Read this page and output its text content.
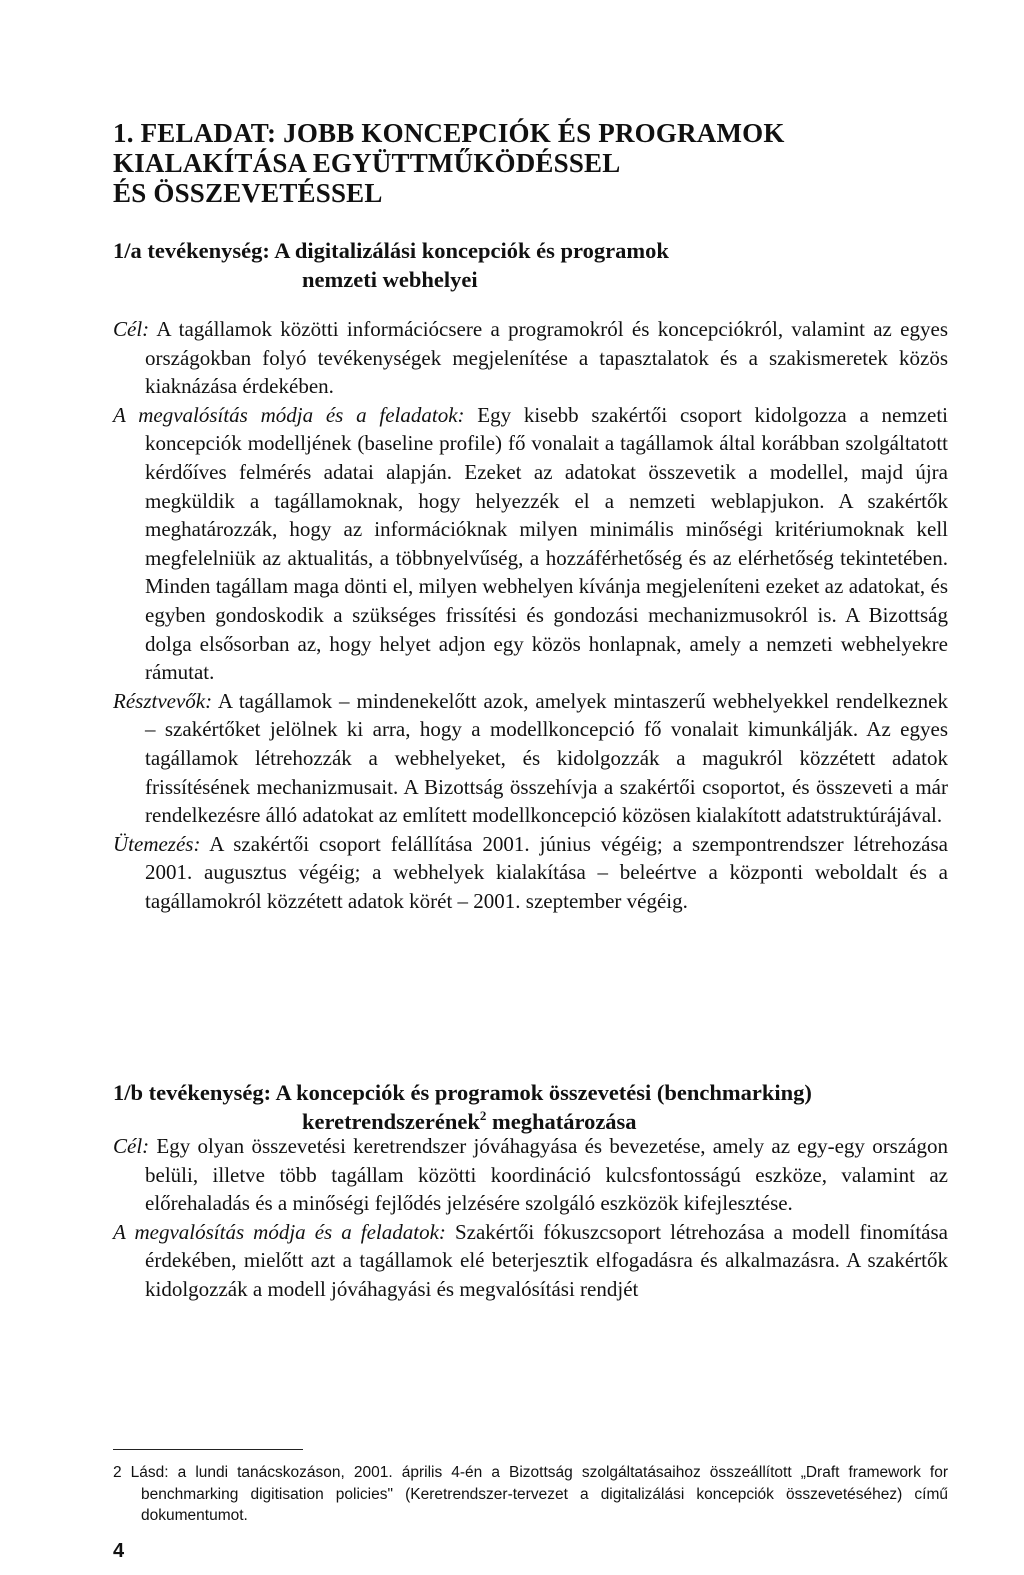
1. FELADAT: JOBB KONCEPCIÓK ÉS PROGRAMOK
KIALAKÍTÁSA EGYÜTTMŰKÖDÉSSEL
ÉS ÖSSZEVETÉSSEL
1/a tevékenység: A digitalizálási koncepciók és programok
nemzeti webhelyei

Cél: A tagállamok közötti információcsere a programokról és koncepciókról, valamint az egyes országokban folyó tevékenységek megjelenítése a tapasztalatok és a szakismeretek közös kiaknázása érdekében.

A megvalósítás módja és a feladatok: Egy kisebb szakértői csoport kidolgozza a nemzeti koncepciók modelljének (baseline profile) fő vonalait a tagállamok által korábban szolgáltatott kérdőíves felmérés adatai alapján. Ezeket az adatokat összevetik a modellel, majd újra megküldik a tagállamoknak, hogy helyezzék el a nemzeti weblapjukon. A szakértők meghatározzák, hogy az információknak milyen minimális minőségi kritériumoknak kell megfelelniük az aktualitás, a többnyelvűség, a hozzáférhetőség és az elérhetőség tekintetében. Minden tagállam maga dönti el, milyen webhelyen kívánja megjeleníteni ezeket az adatokat, és egyben gondoskodik a szükséges frissítési és gondozási mechanizmusokról is. A Bizottság dolga elsősorban az, hogy helyet adjon egy közös honlapnak, amely a nemzeti webhelyekre rámutat.

Résztvevők: A tagállamok – mindenekelőtt azok, amelyek mintaszerű webhelyekkel rendelkeznek – szakértőket jelölnek ki arra, hogy a modellkoncepció fő vonalait kimunkálják. Az egyes tagállamok létrehozzák a webhelyeket, és kidolgozzák a magukról közzétett adatok frissítésének mechanizmusait. A Bizottság összehívja a szakértői csoportot, és összeveti a már rendelkezésre álló adatokat az említett modellkoncepció közösen kialakított adatstruktúrájával.

Ütemezés: A szakértői csoport felállítása 2001. június végéig; a szempontrendszer létrehozása 2001. augusztus végéig; a webhelyek kialakítása – beleértve a központi weboldalt és a tagállamokról közzétett adatok körét – 2001. szeptember végéig.

1/b tevékenység: A koncepciók és programok összevetési (benchmarking)
keretrendszerének$^2$ meghatározása

Cél: Egy olyan összevetési keretrendszer jóváhagyása és bevezetése, amely az egy-egy országon belüli, illetve több tagállam közötti koordináció kulcsfontosságú eszköze, valamint az előrehaladás és a minőségi fejlődés jelzésére szolgáló eszközök kifejlesztése.

A megvalósítás módja és a feladatok: Szakértői fókuszcsoport létrehozása a modell finomítása érdekében, mielőtt azt a tagállamok elé beterjesztik elfogadásra és alkalmazásra. A szakértők kidolgozzák a modell jóváhagyási és megvalósítási rendjét

2 Lásd: a lundi tanácskozáson, 2001. április 4-én a Bizottság szolgáltatásaihoz összeállított „Draft framework for benchmarking digitisation policies" (Keretrendszer-tervezet a digitalizálási koncepciók összevetéséhez) című dokumentumot.

4
